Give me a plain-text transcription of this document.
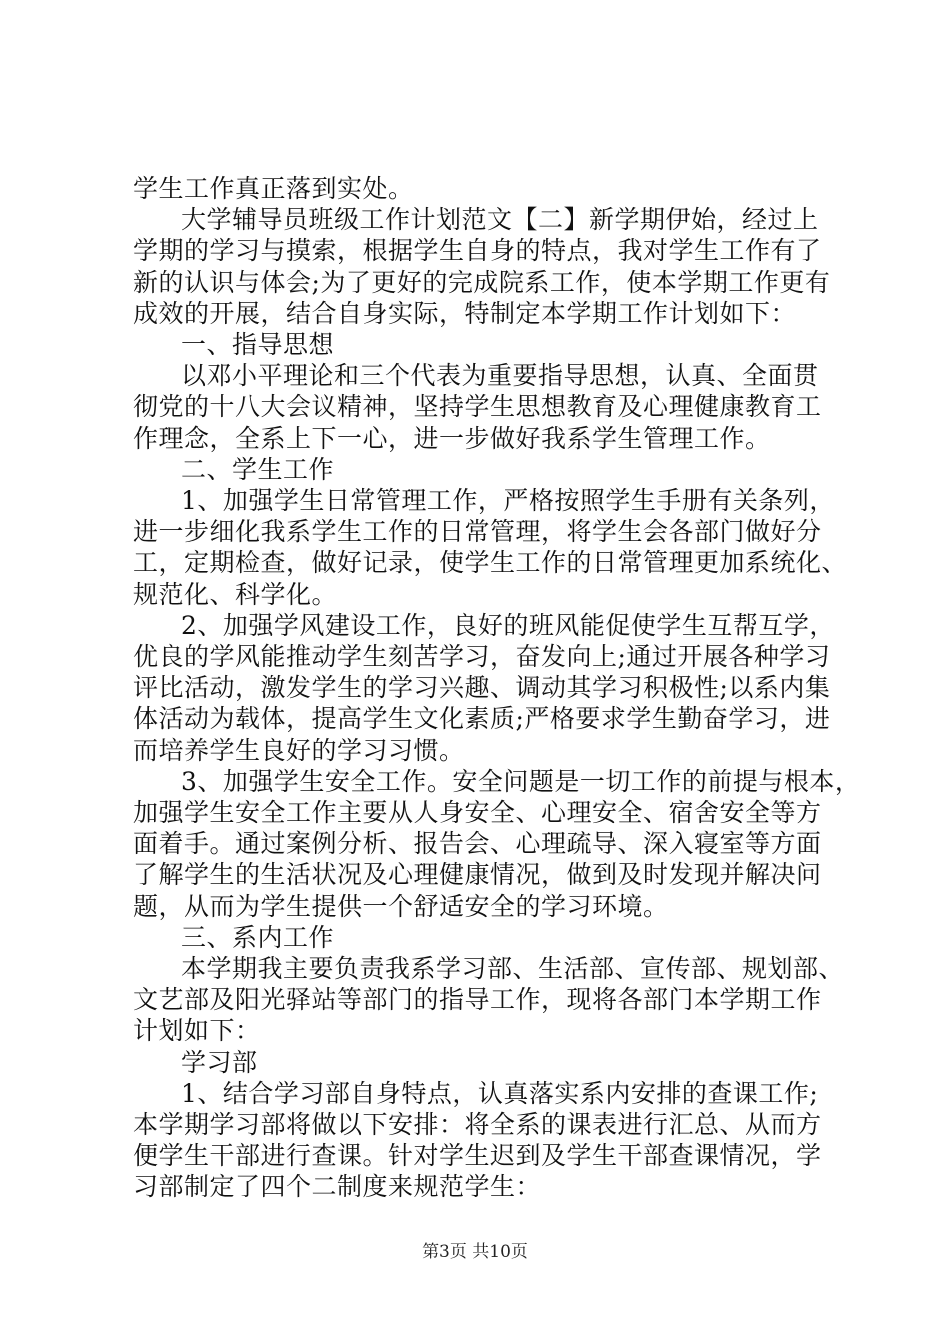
学生工作真正落到实处。
大学辅导员班级工作计划范文【二】新学期伊始，经过上
学期的学习与摸索，根据学生自身的特点，我对学生工作有了
新的认识与体会;为了更好的完成院系工作，使本学期工作更有
成效的开展，结合自身实际，特制定本学期工作计划如下：
一、指导思想
以邓小平理论和三个代表为重要指导思想，认真、全面贯
彻党的十八大会议精神，坚持学生思想教育及心理健康教育工
作理念，全系上下一心，进一步做好我系学生管理工作。
二、学生工作
1、加强学生日常管理工作，严格按照学生手册有关条列，
进一步细化我系学生工作的日常管理，将学生会各部门做好分
工，定期检查，做好记录，使学生工作的日常管理更加系统化、
规范化、科学化。
2、加强学风建设工作，良好的班风能促使学生互帮互学，
优良的学风能推动学生刻苦学习，奋发向上;通过开展各种学习
评比活动，激发学生的学习兴趣、调动其学习积极性;以系内集
体活动为载体，提高学生文化素质;严格要求学生勤奋学习，进
而培养学生良好的学习习惯。
3、加强学生安全工作。安全问题是一切工作的前提与根本，
加强学生安全工作主要从人身安全、心理安全、宿舍安全等方
面着手。通过案例分析、报告会、心理疏导、深入寝室等方面
了解学生的生活状况及心理健康情况，做到及时发现并解决问
题，从而为学生提供一个舒适安全的学习环境。
三、系内工作
本学期我主要负责我系学习部、生活部、宣传部、规划部、
文艺部及阳光驿站等部门的指导工作，现将各部门本学期工作
计划如下：
学习部
1、结合学习部自身特点，认真落实系内安排的查课工作;
本学期学习部将做以下安排：将全系的课表进行汇总、从而方
便学生干部进行查课。针对学生迟到及学生干部查课情况，学
习部制定了四个二制度来规范学生：
第3页 共10页
